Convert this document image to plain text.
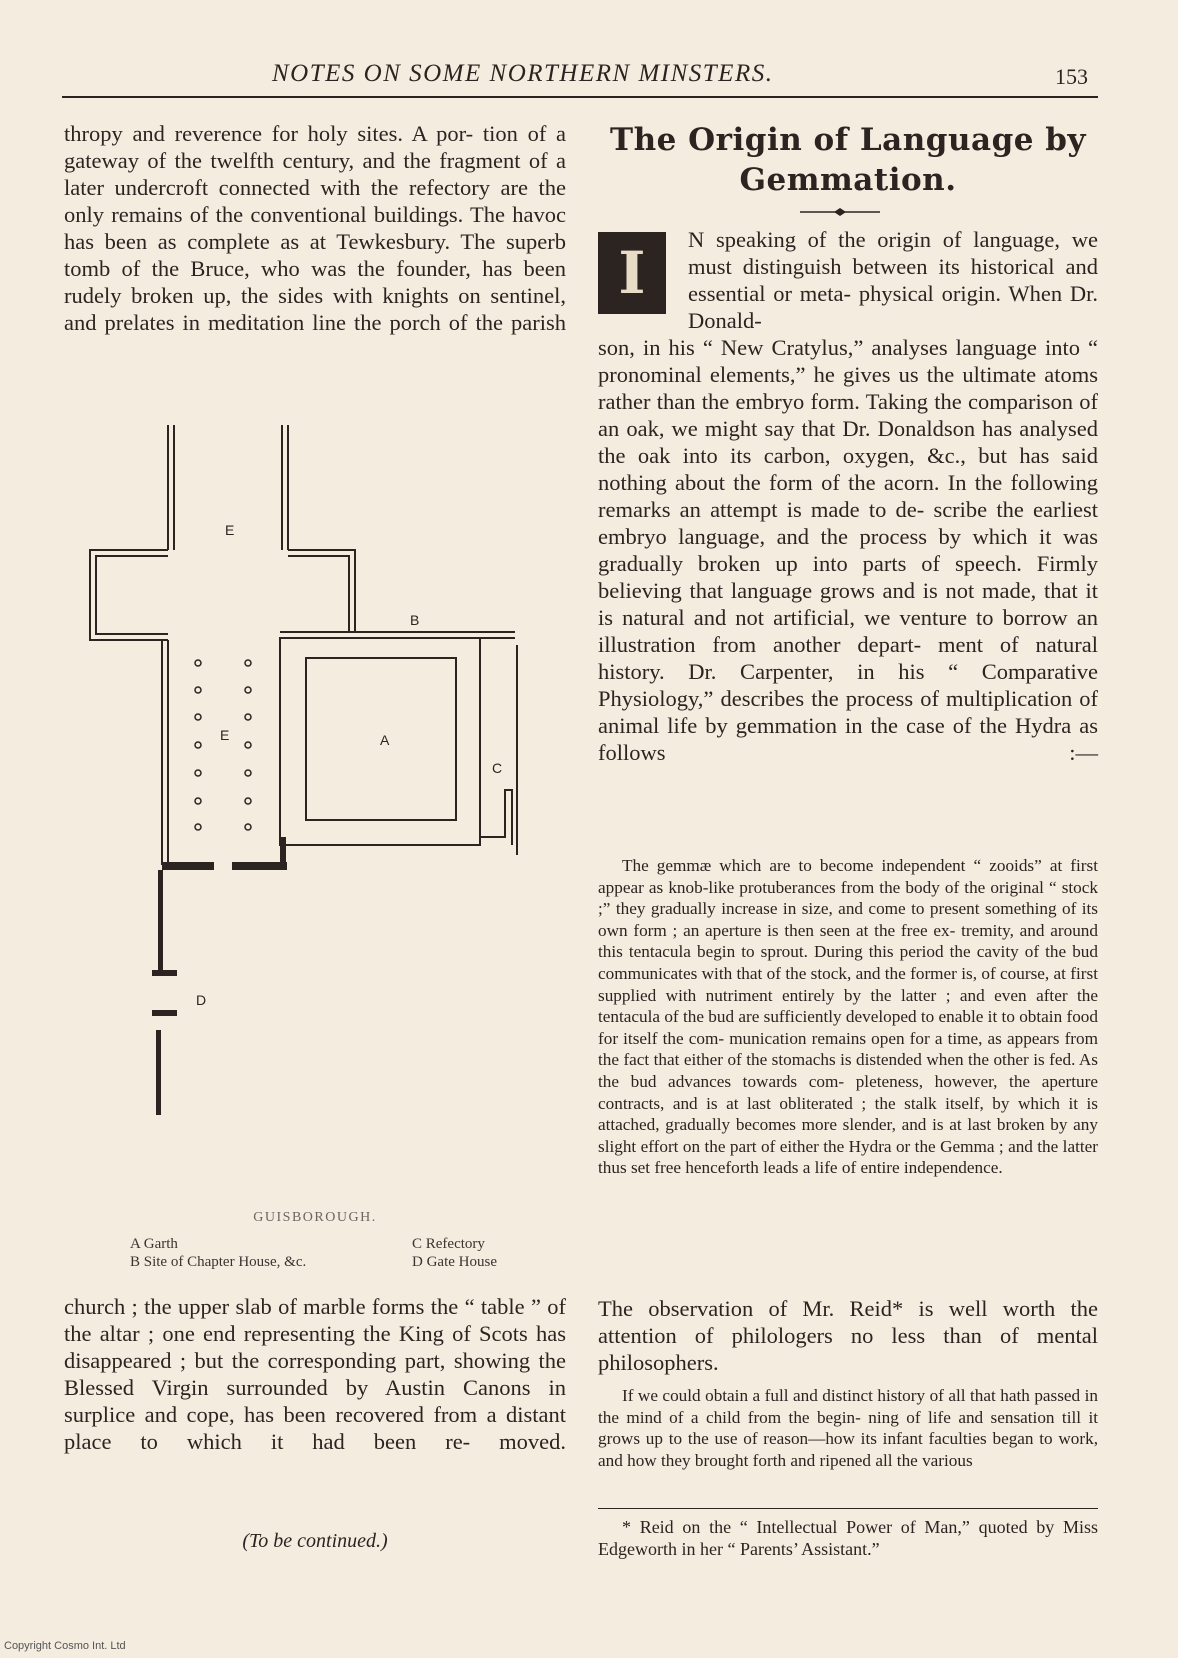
NOTES ON SOME NORTHERN MINSTERS.	153

thropy and reverence for holy sites. A por- tion of a gateway of the twelfth century, and the fragment of a later undercroft connected with the refectory are the only remains of the conventional buildings. The havoc has been as complete as at Tewkesbury. The superb tomb of the Bruce, who was the founder, has been rudely broken up, the sides with knights on sentinel, and prelates in meditation line the porch of the parish

E
B
E	A
C
D
GUISBOROUGH.
A Garth
B Site of Chapter House, &c.
C Refectory
D Gate House

church ; the upper slab of marble forms the “ table ” of the altar ; one end representing the King of Scots has disappeared ; but the corresponding part, showing the Blessed Virgin surrounded by Austin Canons in surplice and cope, has been recovered from a distant place to which it had been re- moved.

(To be continued.)
The Origin of Language by
Gemmation.
I	N speaking of the origin of language, we must distinguish between its historical and essential or meta- physical origin. When Dr. Donald-

son, in his “ New Cratylus,” analyses language into “ pronominal elements,” he gives us the ultimate atoms rather than the embryo form. Taking the comparison of an oak, we might say that Dr. Donaldson has analysed the oak into its carbon, oxygen, &c., but has said nothing about the form of the acorn. In the following remarks an attempt is made to de- scribe the earliest embryo language, and the process by which it was gradually broken up into parts of speech. Firmly believing that language grows and is not made, that it is natural and not artificial, we venture to borrow an illustration from another depart- ment of natural history. Dr. Carpenter, in his “ Comparative Physiology,” describes the process of multiplication of animal life by gemmation in the case of the Hydra as follows :—

The gemmæ which are to become independent “ zooids” at first appear as knob-like protuberances from the body of the original “ stock ;” they gradually increase in size, and come to present something of its own form ; an aperture is then seen at the free ex- tremity, and around this tentacula begin to sprout. During this period the cavity of the bud communicates with that of the stock, and the former is, of course, at first supplied with nutriment entirely by the latter ; and even after the tentacula of the bud are sufficiently developed to enable it to obtain food for itself the com- munication remains open for a time, as appears from the fact that either of the stomachs is distended when the other is fed. As the bud advances towards com- pleteness, however, the aperture contracts, and is at last obliterated ; the stalk itself, by which it is attached, gradually becomes more slender, and is at last broken by any slight effort on the part of either the Hydra or the Gemma ; and the latter thus set free henceforth leads a life of entire independence.

The observation of Mr. Reid* is well worth the attention of philologers no less than of mental philosophers.

If we could obtain a full and distinct history of all that hath passed in the mind of a child from the begin- ning of life and sensation till it grows up to the use of reason—how its infant faculties began to work, and how they brought forth and ripened all the various

* Reid on the “ Intellectual Power of Man,” quoted by Miss Edgeworth in her “ Parents’ Assistant.”

Copyright Cosmo Int. Ltd
